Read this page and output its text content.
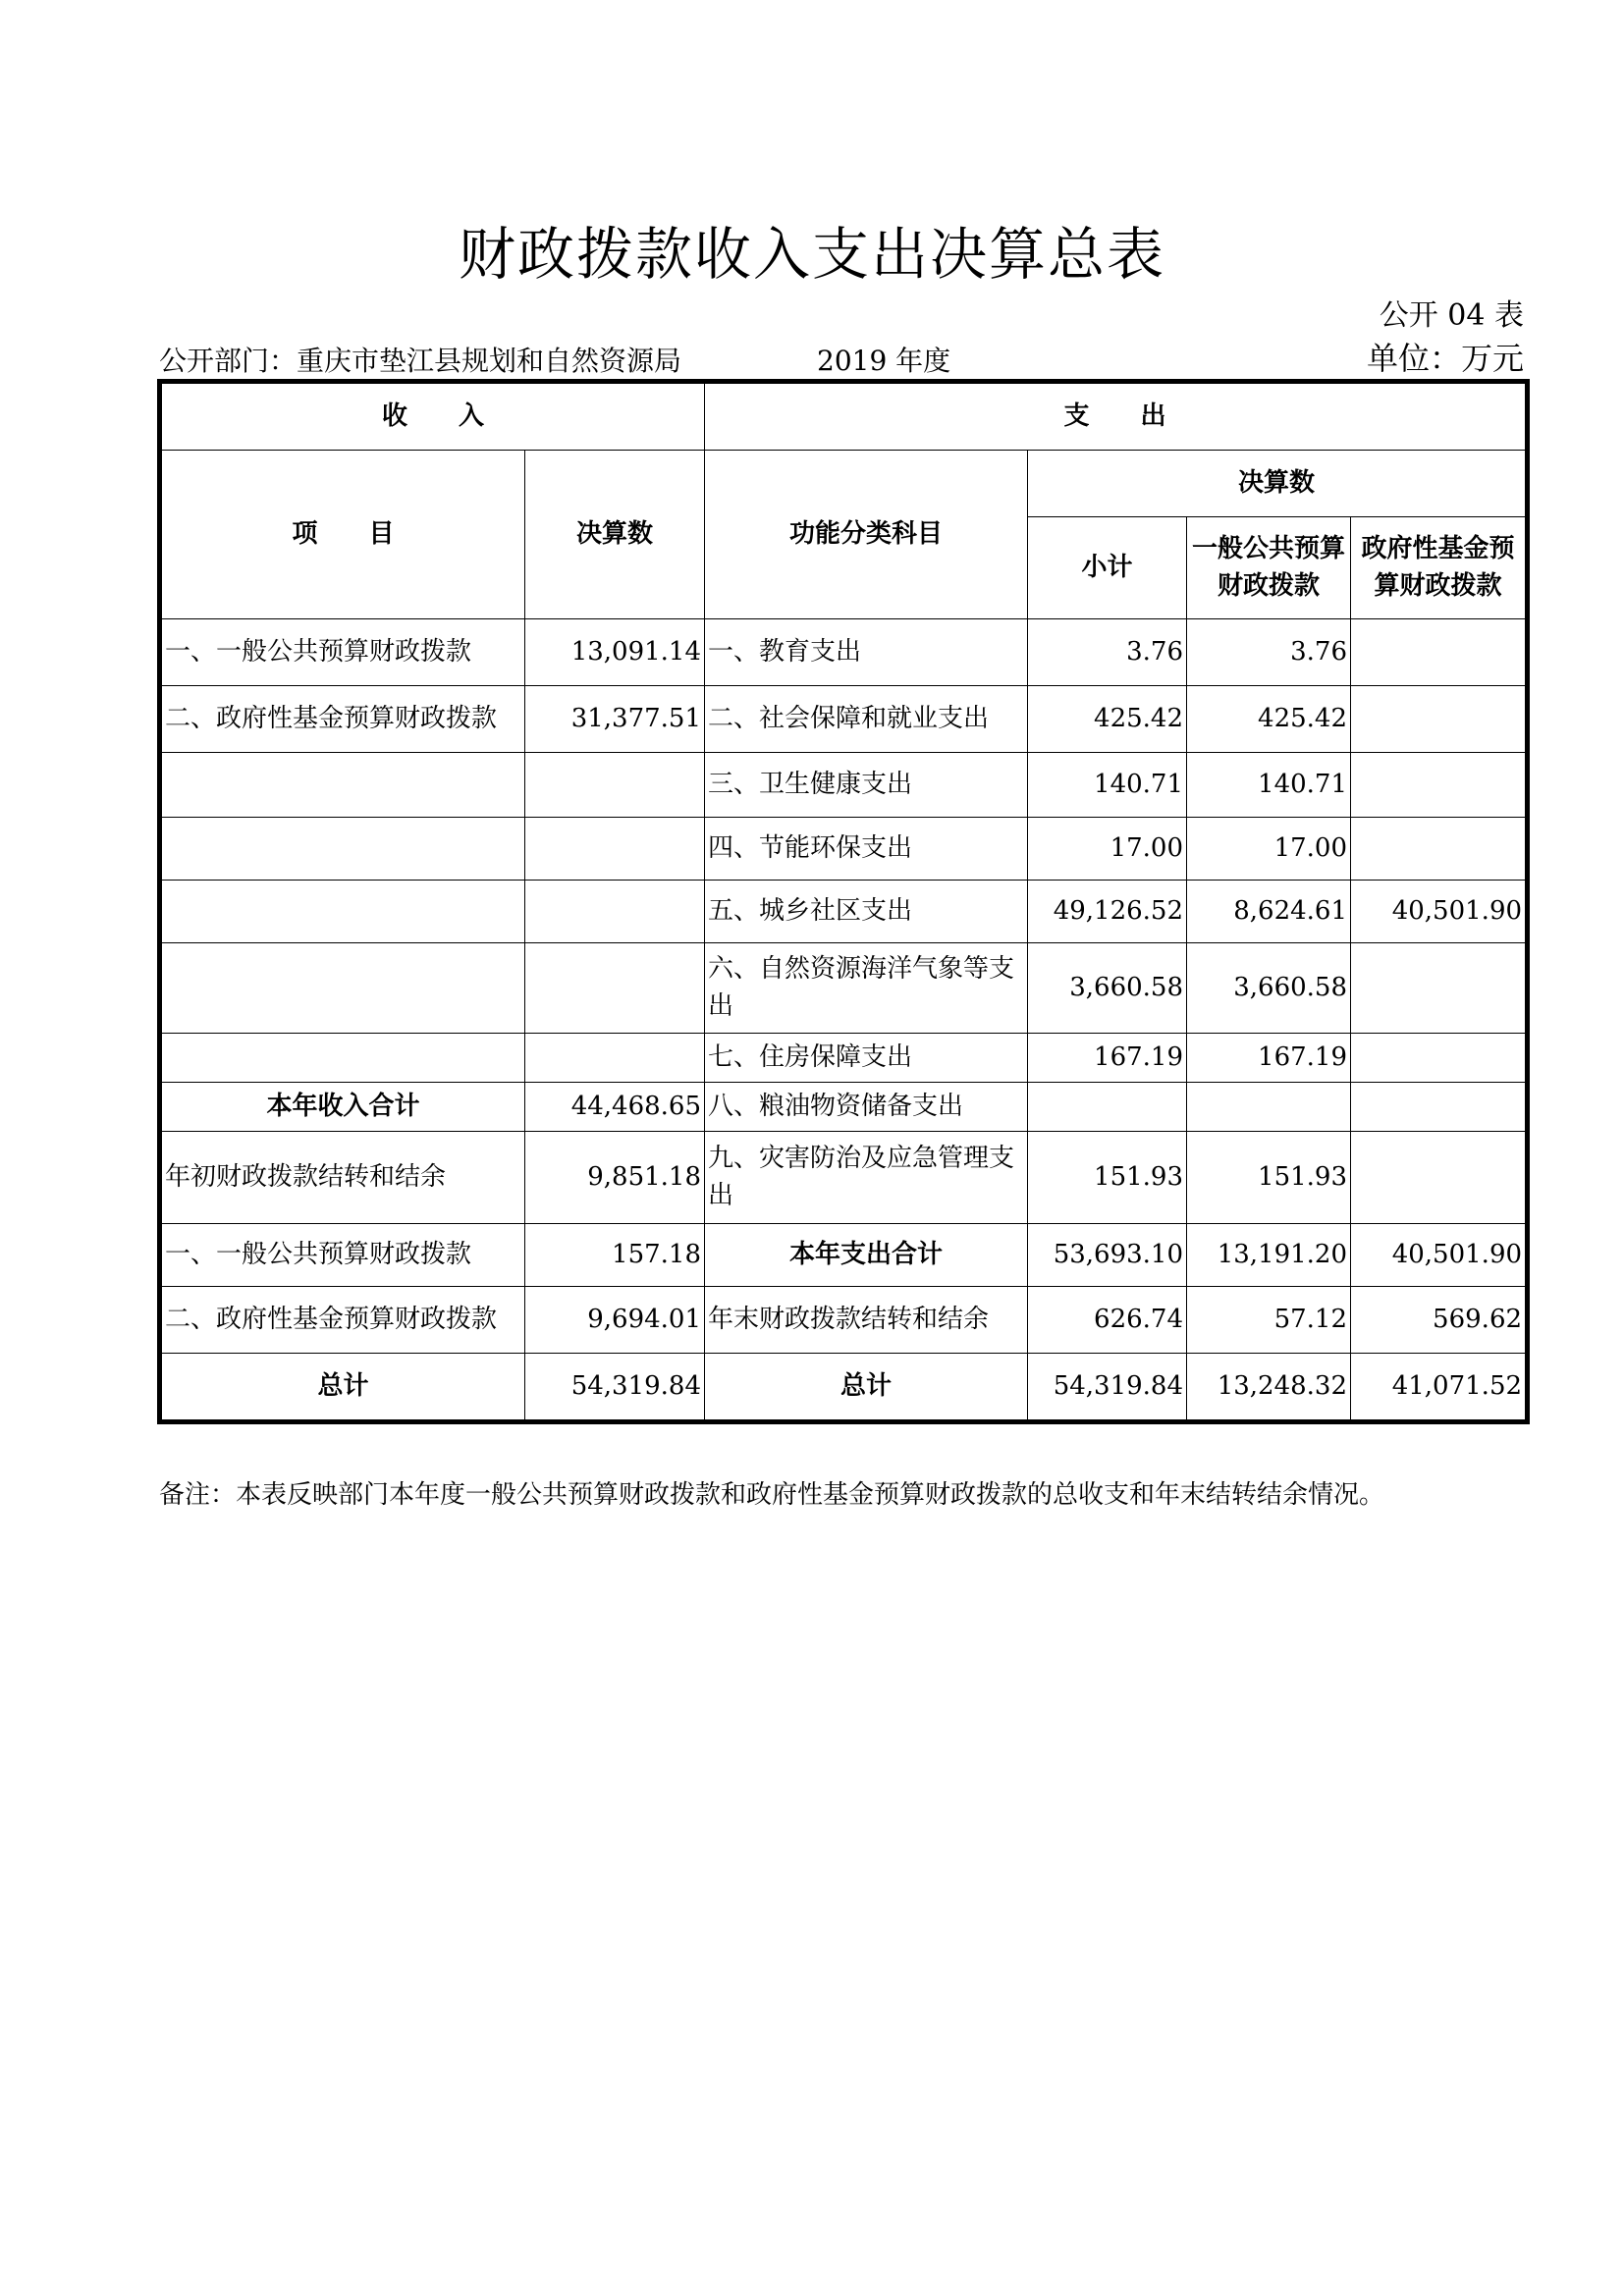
财政拨款收入支出决算总表
公开 04 表
公开部门：重庆市垫江县规划和自然资源局	2019 年度	单位：万元
收　　入		支　　出			
项　　目	决算数	功能分类科目	决算数		
			小计	一般公共预算财政拨款	政府性基金预算财政拨款
一、一般公共预算财政拨款	13,091.14	一、教育支出	3.76	3.76	
二、政府性基金预算财政拨款	31,377.51	二、社会保障和就业支出	425.42	425.42	
		三、卫生健康支出	140.71	140.71	
		四、节能环保支出	17.00	17.00	
		五、城乡社区支出	49,126.52	8,624.61	40,501.90
		六、自然资源海洋气象等支出	3,660.58	3,660.58	
		七、住房保障支出	167.19	167.19	
本年收入合计	44,468.65	八、粮油物资储备支出			
年初财政拨款结转和结余	9,851.18	九、灾害防治及应急管理支出	151.93	151.93	
一、一般公共预算财政拨款	157.18	本年支出合计	53,693.10	13,191.20	40,501.90
二、政府性基金预算财政拨款	9,694.01	年末财政拨款结转和结余	626.74	57.12	569.62
总计	54,319.84	总计	54,319.84	13,248.32	41,071.52
备注：本表反映部门本年度一般公共预算财政拨款和政府性基金预算财政拨款的总收支和年末结转结余情况。
